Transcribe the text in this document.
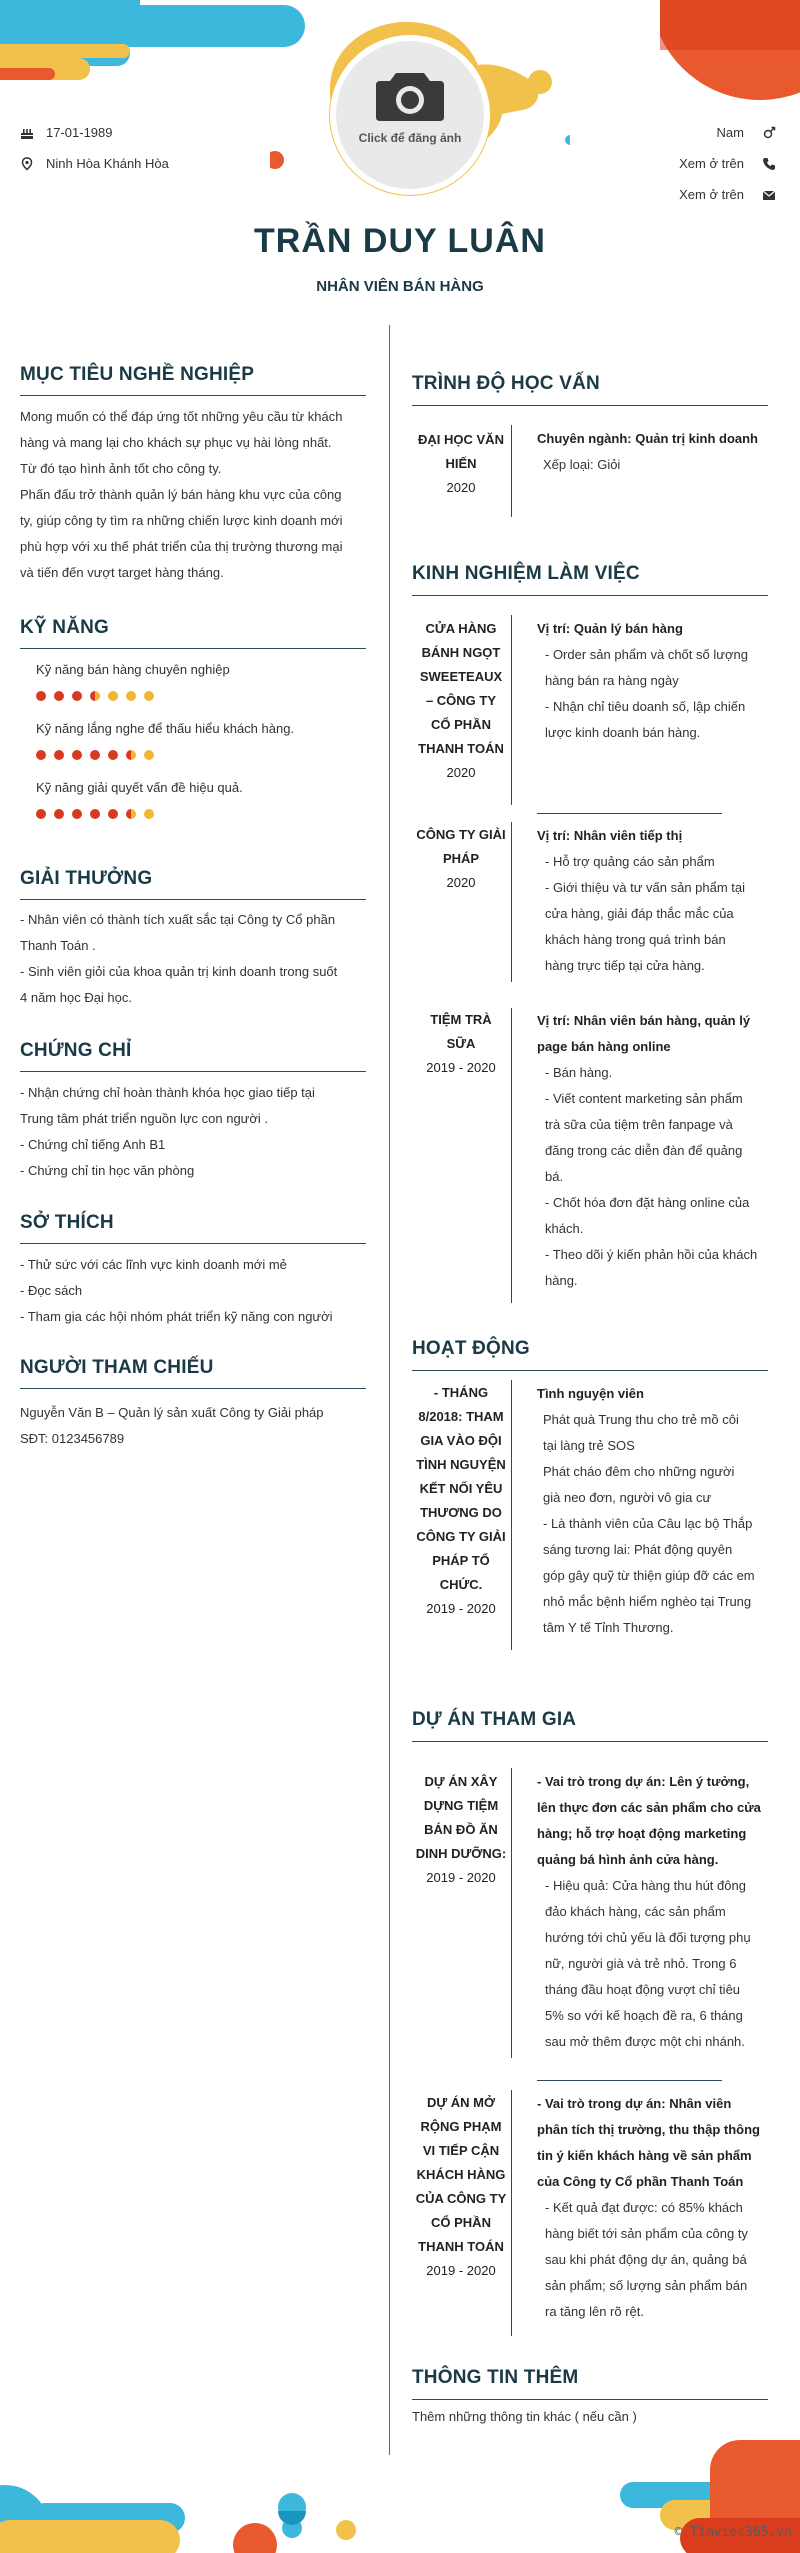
Click để đăng ảnh
17-01-1989
Ninh Hòa Khánh Hòa
Nam
Xem ở trên
Xem ở trên
TRẦN DUY LUÂN
NHÂN VIÊN BÁN HÀNG
MỤC TIÊU NGHỀ NGHIỆP
Mong muốn có thể đáp ứng tốt những yêu cầu từ khách
hàng và mang lại cho khách sự phục vụ hài lòng nhất.
Từ đó tạo hình ảnh tốt cho công ty.
Phấn đấu trở thành quản lý bán hàng khu vực của công
ty, giúp công ty tìm ra những chiến lược kinh doanh mới
phù hợp với xu thế phát triển của thị trường thương mại
và tiến đến vượt target hàng tháng.
KỸ NĂNG
Kỹ năng bán hàng chuyên nghiệp
Kỹ năng lắng nghe để thấu hiểu khách hàng.
Kỹ năng giải quyết vấn đề hiệu quả.
GIẢI THƯỞNG
- Nhân viên có thành tích xuất sắc tại Công ty Cổ phần
Thanh Toán .
- Sinh viên giỏi của khoa quản trị kinh doanh trong suốt
4 năm học Đại học.
CHỨNG CHỈ
- Nhận chứng chỉ hoàn thành khóa học giao tiếp tại
Trung tâm phát triển nguồn lực con người .
- Chứng chỉ tiếng Anh B1
- Chứng chỉ tin học văn phòng
SỞ THÍCH
- Thử sức với các lĩnh vực kinh doanh mới mẻ
- Đọc sách
- Tham gia các hội nhóm phát triển kỹ năng con người
NGƯỜI THAM CHIẾU
Nguyễn Văn B – Quản lý sản xuất Công ty Giải pháp
SĐT: 0123456789
TRÌNH ĐỘ HỌC VẤN
ĐẠI HỌC VĂN
HIẾN
2020
Chuyên ngành: Quản trị kinh doanh
Xếp loại: Giỏi
KINH NGHIỆM LÀM VIỆC
CỬA HÀNG
BÁNH NGỌT
SWEETEAUX
– CÔNG TY
CỔ PHẦN
THANH TOÁN
2020
Vị trí: Quản lý bán hàng
- Order sản phẩm và chốt số lượng
hàng bán ra hàng ngày
- Nhận chỉ tiêu doanh số, lập chiến
lược kinh doanh bán hàng.
CÔNG TY GIẢI
PHÁP
2020
Vị trí: Nhân viên tiếp thị
- Hỗ trợ quảng cáo sản phẩm
- Giới thiệu và tư vấn sản phẩm tại
cửa hàng, giải đáp thắc mắc của
khách hàng trong quá trình bán
hàng trực tiếp tại cửa hàng.
TIỆM TRÀ
SỮA
2019 - 2020
Vị trí: Nhân viên bán hàng, quản lý
page bán hàng online
- Bán hàng.
- Viết content marketing sản phẩm
trà sữa của tiệm trên fanpage và
đăng trong các diễn đàn để quảng
bá.
- Chốt hóa đơn đặt hàng online của
khách.
- Theo dõi ý kiến phản hồi của khách
hàng.
HOẠT ĐỘNG
- THÁNG
8/2018: THAM
GIA VÀO ĐỘI
TÌNH NGUYỆN
KẾT NỐI YÊU
THƯƠNG DO
CÔNG TY GIẢI
PHÁP TỔ
CHỨC.
2019 - 2020
Tình nguyện viên
Phát quà Trung thu cho trẻ mồ côi
tại làng trẻ SOS
Phát cháo đêm cho những người
già neo đơn, người vô gia cư
- Là thành viên của Câu lạc bộ Thắp
sáng tương lai: Phát động quyên
góp gây quỹ từ thiện giúp đỡ các em
nhỏ mắc bệnh hiểm nghèo tại Trung
tâm Y tế Tỉnh Thương.
DỰ ÁN THAM GIA
DỰ ÁN XÂY
DỰNG TIỆM
BÁN ĐỒ ĂN
DINH DƯỠNG:
2019 - 2020
- Vai trò trong dự án: Lên ý tưởng,
lên thực đơn các sản phẩm cho cửa
hàng; hỗ trợ hoạt động marketing
quảng bá hình ảnh cửa hàng.
- Hiệu quả: Cửa hàng thu hút đông
đảo khách hàng, các sản phẩm
hướng tới chủ yếu là đối tượng phụ
nữ, người già và trẻ nhỏ. Trong 6
tháng đầu hoạt động vượt chỉ tiêu
5% so với kế hoạch đề ra, 6 tháng
sau mở thêm được một chi nhánh.
DỰ ÁN MỞ
RỘNG PHẠM
VI TIẾP CẬN
KHÁCH HÀNG
CỦA CÔNG TY
CỔ PHẦN
THANH TOÁN
2019 - 2020
- Vai trò trong dự án: Nhân viên
phân tích thị trường, thu thập thông
tin ý kiến khách hàng về sản phẩm
của Công ty Cổ phần Thanh Toán
- Kết quả đạt được: có 85% khách
hàng biết tới sản phẩm của công ty
sau khi phát động dự án, quảng bá
sản phẩm; số lượng sản phẩm bán
ra tăng lên rõ rệt.
THÔNG TIN THÊM
Thêm những thông tin khác ( nếu cần )
© Timviec365.vn
